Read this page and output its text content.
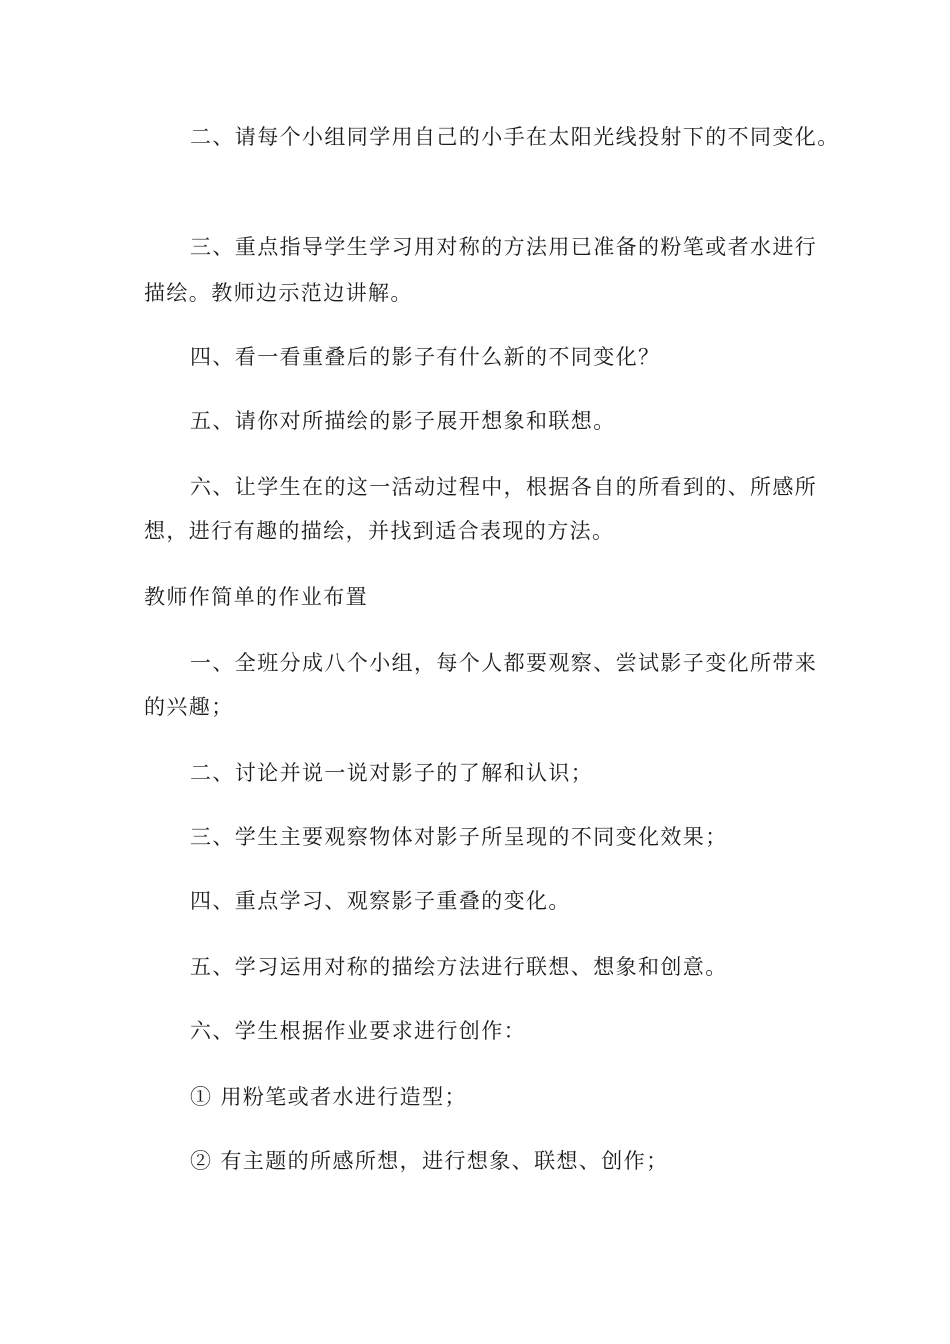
二、请每个小组同学用自己的小手在太阳光线投射下的不同变化。
三、重点指导学生学习用对称的方法用已准备的粉笔或者水进行
描绘。教师边示范边讲解。
四、看一看重叠后的影子有什么新的不同变化？
五、请你对所描绘的影子展开想象和联想。
六、让学生在的这一活动过程中，根据各自的所看到的、所感所
想，进行有趣的描绘，并找到适合表现的方法。
教师作简单的作业布置
一、全班分成八个小组，每个人都要观察、尝试影子变化所带来
的兴趣；
二、讨论并说一说对影子的了解和认识；
三、学生主要观察物体对影子所呈现的不同变化效果；
四、重点学习、观察影子重叠的变化。
五、学习运用对称的描绘方法进行联想、想象和创意。
六、学生根据作业要求进行创作：
① 用粉笔或者水进行造型；
② 有主题的所感所想，进行想象、联想、创作；
